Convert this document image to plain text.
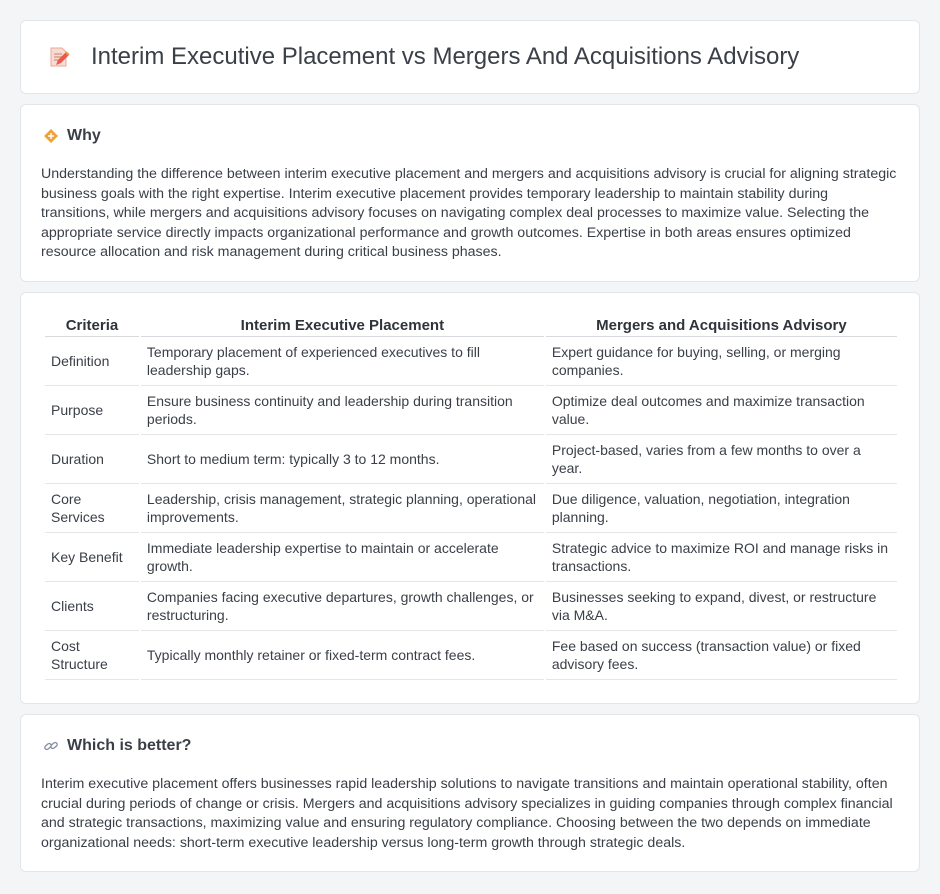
Interim Executive Placement vs Mergers And Acquisitions Advisory
Why

Understanding the difference between interim executive placement and mergers and acquisitions advisory is crucial for aligning strategic business goals with the right expertise. Interim executive placement provides temporary leadership to maintain stability during transitions, while mergers and acquisitions advisory focuses on navigating complex deal processes to maximize value. Selecting the appropriate service directly impacts organizational performance and growth outcomes. Expertise in both areas ensures optimized resource allocation and risk management during critical business phases.

Criteria	Interim Executive Placement	Mergers and Acquisitions Advisory
Definition	Temporary placement of experienced executives to fill leadership gaps.	Expert guidance for buying, selling, or merging companies.
Purpose	Ensure business continuity and leadership during transition periods.	Optimize deal outcomes and maximize transaction value.
Duration	Short to medium term: typically 3 to 12 months.	Project-based, varies from a few months to over a year.
Core Services	Leadership, crisis management, strategic planning, operational improvements.	Due diligence, valuation, negotiation, integration planning.
Key Benefit	Immediate leadership expertise to maintain or accelerate growth.	Strategic advice to maximize ROI and manage risks in transactions.
Clients	Companies facing executive departures, growth challenges, or restructuring.	Businesses seeking to expand, divest, or restructure via M&A.
Cost Structure	Typically monthly retainer or fixed-term contract fees.	Fee based on success (transaction value) or fixed advisory fees.
Which is better?

Interim executive placement offers businesses rapid leadership solutions to navigate transitions and maintain operational stability, often crucial during periods of change or crisis. Mergers and acquisitions advisory specializes in guiding companies through complex financial and strategic transactions, maximizing value and ensuring regulatory compliance. Choosing between the two depends on immediate organizational needs: short-term executive leadership versus long-term growth through strategic deals.
